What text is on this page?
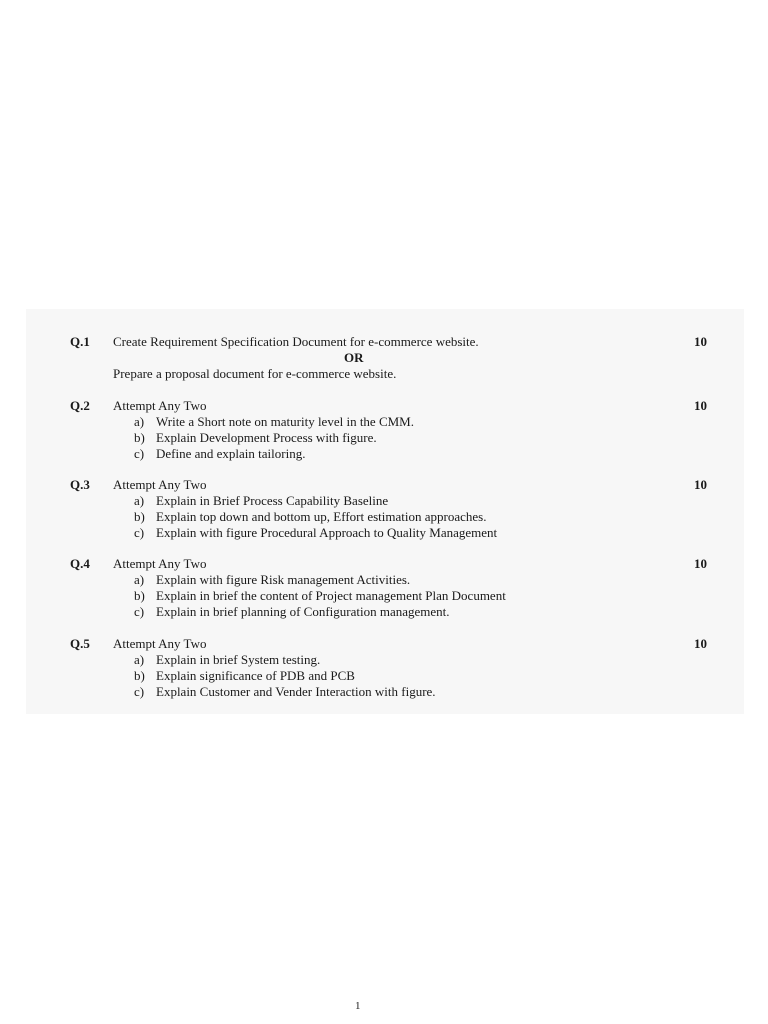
Q.1 Create Requirement Specification Document for e-commerce website.	10
OR
Prepare a proposal document for e-commerce website.
Q.2 Attempt Any Two	10
a) Write a Short note on maturity level in the CMM.
b) Explain Development Process with figure.
c) Define and explain tailoring.
Q.3 Attempt Any Two	10
a) Explain in Brief Process Capability Baseline
b) Explain top down and bottom up, Effort estimation approaches.
c) Explain with figure Procedural Approach to Quality Management
Q.4 Attempt Any Two	10
a) Explain with figure Risk management Activities.
b) Explain in brief the content of Project management Plan Document
c) Explain in brief planning of Configuration management.
Q.5 Attempt Any Two	10
a) Explain in brief System testing.
b) Explain significance of PDB and PCB
c) Explain Customer and Vender Interaction with figure.
1
